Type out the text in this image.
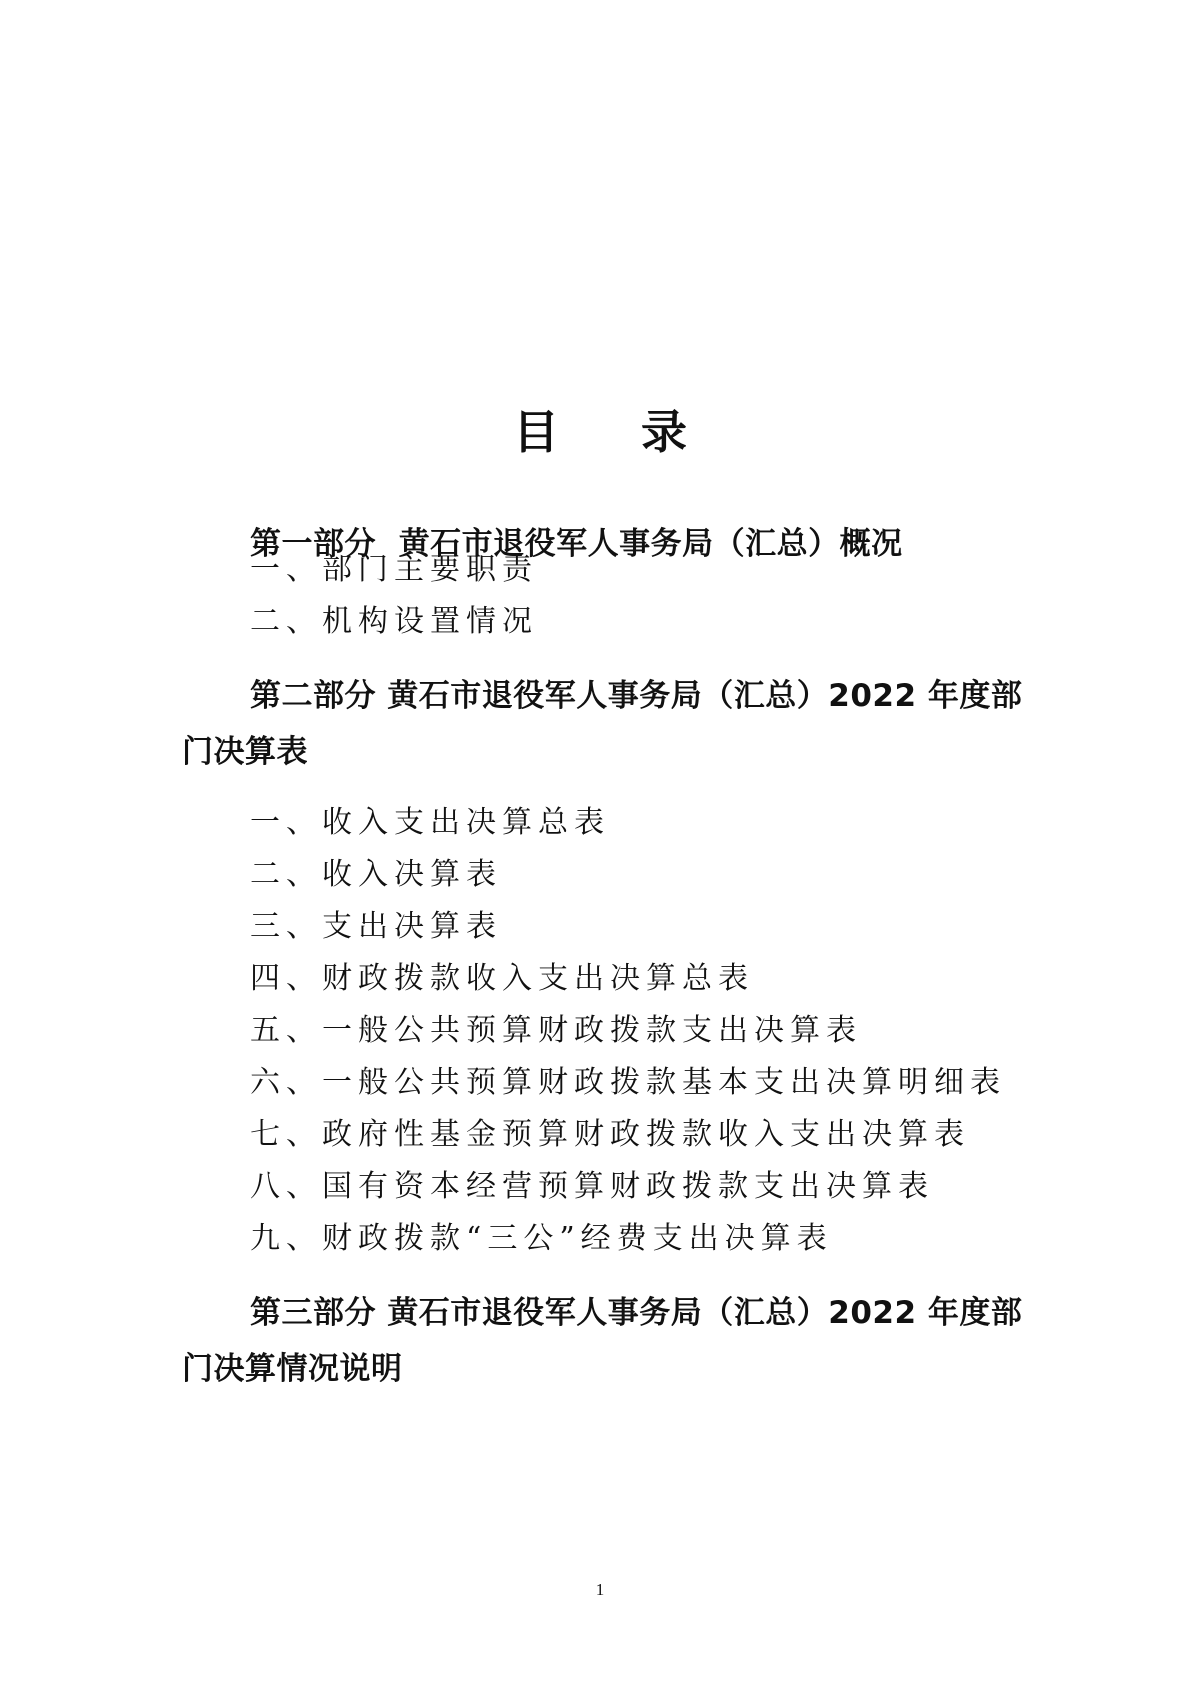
目 录
第一部分  黄石市退役军人事务局（汇总）概况
一、部门主要职责
二、机构设置情况
第二部分 黄石市退役军人事务局（汇总）2022 年度部门决算表
一、收入支出决算总表
二、收入决算表
三、支出决算表
四、财政拨款收入支出决算总表
五、一般公共预算财政拨款支出决算表
六、一般公共预算财政拨款基本支出决算明细表
七、政府性基金预算财政拨款收入支出决算表
八、国有资本经营预算财政拨款支出决算表
九、财政拨款“三公”经费支出决算表
第三部分 黄石市退役军人事务局（汇总）2022 年度部门决算情况说明
1
